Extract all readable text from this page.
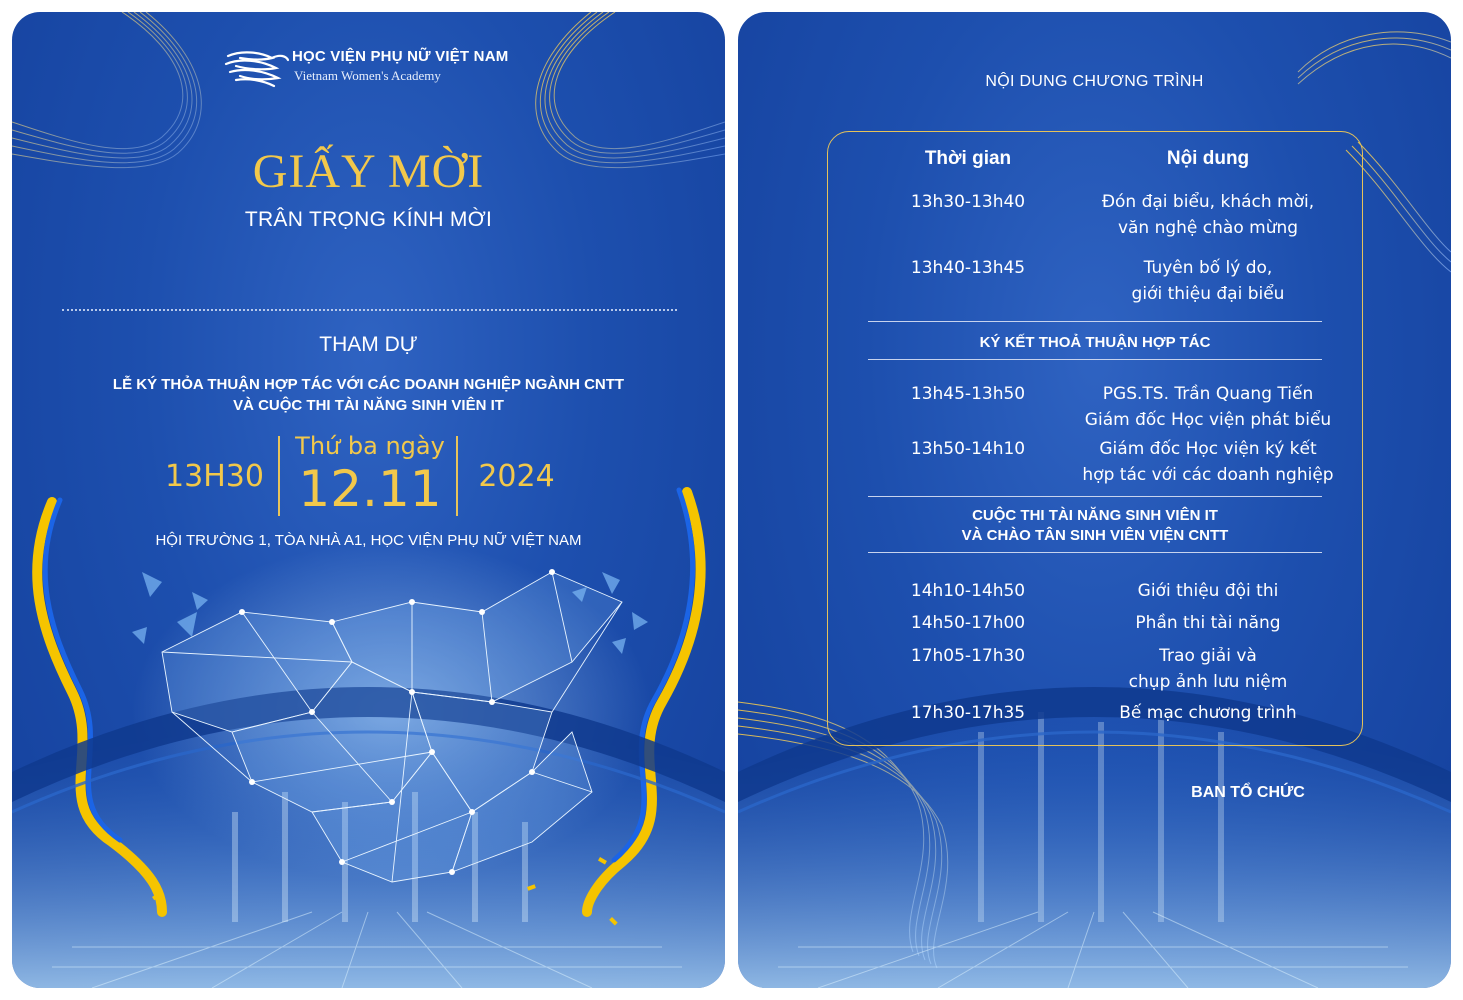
HỌC VIỆN PHỤ NỮ VIỆT NAM
Vietnam Women's Academy
GIẤY MỜI
TRÂN TRỌNG KÍNH MỜI
THAM DỰ
LỄ KÝ THỎA THUẬN HỢP TÁC VỚI CÁC DOANH NGHIỆP NGÀNH CNTT
VÀ CUỘC THI TÀI NĂNG SINH VIÊN IT
13H30
Thứ ba ngày
12.11	2024
HỘI TRƯỜNG 1, TÒA NHÀ A1, HỌC VIỆN PHỤ NỮ VIỆT NAM
NỘI DUNG CHƯƠNG TRÌNH
Thời gian	Nội dung
13h30-13h40	Đón đại biểu, khách mời,
văn nghệ chào mừng
13h40-13h45	Tuyên bố lý do,
giới thiệu đại biểu
KÝ KẾT THOẢ THUẬN HỢP TÁC
13h45-13h50	PGS.TS. Trần Quang Tiến
Giám đốc Học viện phát biểu
13h50-14h10	Giám đốc Học viện ký kết
hợp tác với các doanh nghiệp
CUỘC THI TÀI NĂNG SINH VIÊN IT
VÀ CHÀO TÂN SINH VIÊN VIỆN CNTT
14h10-14h50	Giới thiệu đội thi
14h50-17h00	Phần thi tài năng
17h05-17h30	Trao giải và
chụp ảnh lưu niệm
17h30-17h35	Bế mạc chương trình
BAN TỔ CHỨC
